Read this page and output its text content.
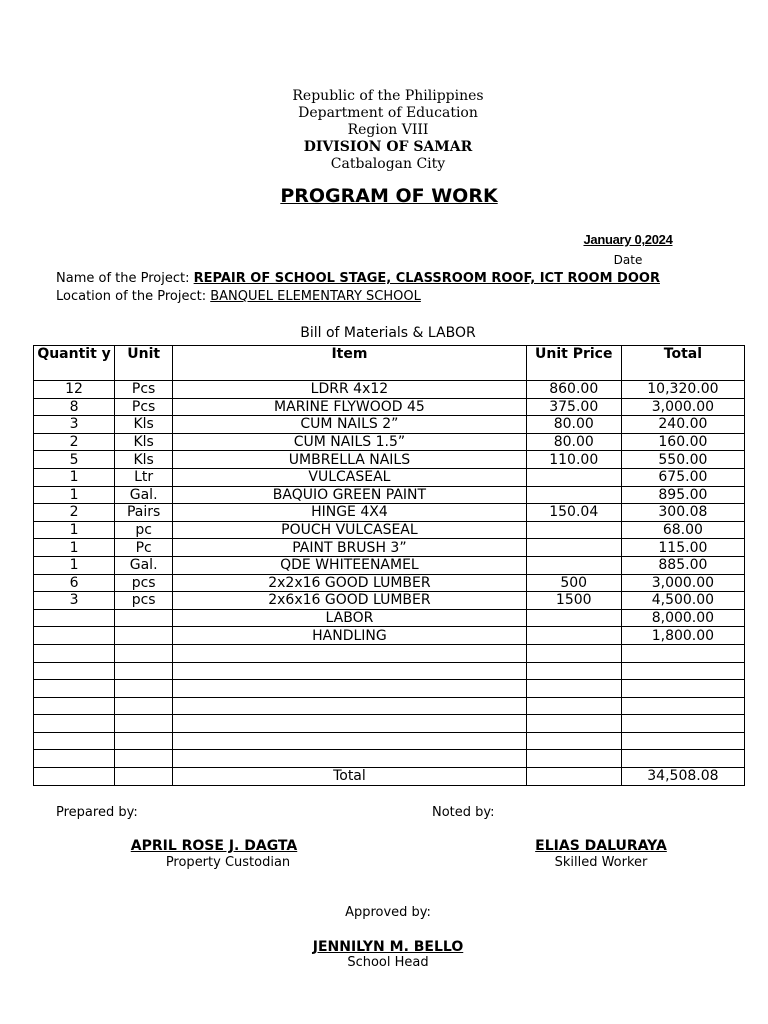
Republic of the Philippines
Department of Education
Region VIII
DIVISION OF SAMAR
Catbalogan City
PROGRAM OF WORK
January 0,2024
Date
Name of the Project: REPAIR OF SCHOOL STAGE, CLASSROOM ROOF, ICT ROOM DOOR
Location of the Project: BANQUEL ELEMENTARY SCHOOL
Bill of Materials & LABOR
Quantit y	Unit	Item	Unit Price	Total
12	Pcs	LDRR 4x12	860.00	10,320.00
8	Pcs	MARINE FLYWOOD 45	375.00	3,000.00
3	Kls	CUM NAILS 2”	80.00	240.00
2	Kls	CUM NAILS 1.5”	80.00	160.00
5	Kls	UMBRELLA NAILS	110.00	550.00
1	Ltr	VULCASEAL		675.00
1	Gal.	BAQUIO GREEN PAINT		895.00
2	Pairs	HINGE 4X4	150.04	300.08
1	pc	POUCH VULCASEAL		68.00
1	Pc	PAINT BRUSH 3”		115.00
1	Gal.	QDE WHITEENAMEL		885.00
6	pcs	2x2x16 GOOD LUMBER	500	3,000.00
3	pcs	2x6x16 GOOD LUMBER	1500	4,500.00
		LABOR		8,000.00
		HANDLING		1,800.00

		Total		34,508.08
Prepared by:	Noted by:
APRIL ROSE J. DAGTA
Property Custodian
ELIAS DALURAYA
Skilled Worker
Approved by:
JENNILYN M. BELLO
School Head
